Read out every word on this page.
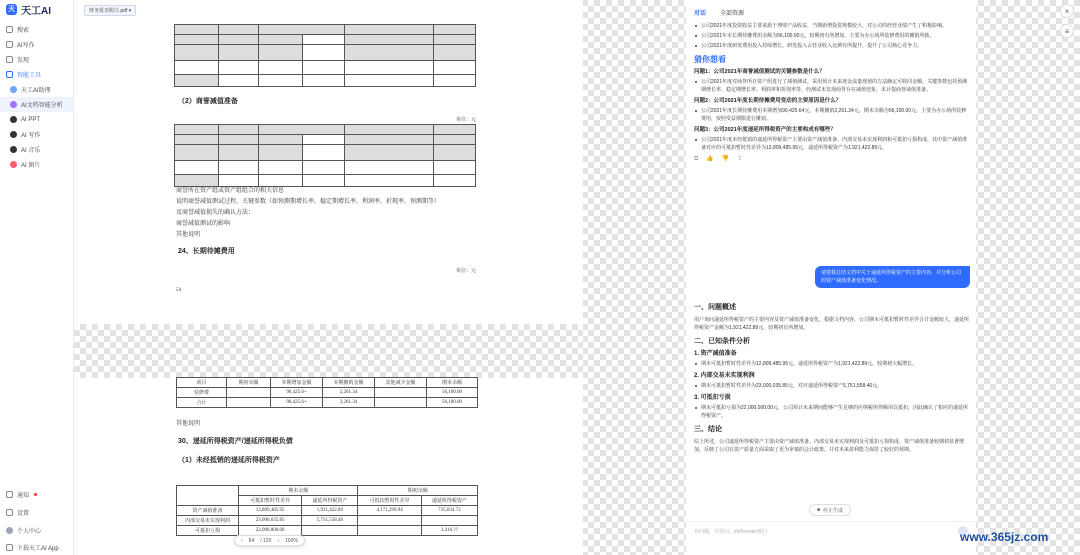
天 天工AI
搜索
AI写作
发现
智能工具
天工AI助理
AI文档智能分析
AI PPT
AI 写作
AI 音乐
AI 图片
通知
设置
个人中心
下载天工AI App
财务报表附注.pdf ▾

（2）商誉减值准备
单位：元

商誉所在资产组或资产组组合的相关信息
说明商誉减值测试过程、关键参数（如预测期增长率、稳定期增长率、利润率、折现率、预测期等）
及商誉减值损失的确认方法：
商誉减值测试的影响
其他说明
24、长期待摊费用
单位：元
54
项目	期初余额	本期增加金额	本期摊销金额	其他减少金额	期末余额
装修费		90,425.6+	2,261.34		56,100.00
合计		90,425.6+	2,261.34		56,100.00
其他说明
30、递延所得税资产/递延所得税负债
（1）未经抵销的递延所得税资产
	期末余额		期初余额	
	可抵扣暂时性差异	递延所得税资产	可抵扣暂时性差异	递延所得税资产
资产减值准备	12,809,485.95	1,921,422.89	4,171,299.94	735,034.72
内部交易未实现利润	23,000,035.85	5,751,558.46		
可抵扣亏损	22,000,000.00			3,416.??
‹ 54 / 120 › 100%
对话 全部资源
公司2021年度投资收益主要来源于理财产品收益，当期新增投资规模较大，对公司的经营业绩产生了积极影响。
公司2021年末长期待摊费用余额为56,100.00元，较期初有所增加，主要为办公场所装修费用的摊销所致。
公司2021年度研发费用投入持续增长，研发投入占营业收入比例有所提升，提升了公司核心竞争力。
猜你想看
问题1：公司2021年商誉减值测试的关键参数是什么？
公司2021年度对商誉所在资产组进行了减值测试，采用预计未来现金流量现值的方法确定可收回金额，关键参数包括预测期增长率、稳定期增长率、利润率和折现率等，经测试未发现商誉存在减值迹象，未计提商誉减值准备。
问题2：公司2021年度长期待摊费用变动的主要原因是什么？
公司2021年度长期待摊费用本期增加90,425.64元，本期摊销2,261.34元，期末余额为56,100.00元，主要为办公场所装修费用，按照受益期限进行摊销。
问题3：公司2021年度递延所得税资产的主要构成有哪些？
公司2021年度未经抵销的递延所得税资产主要由资产减值准备、内部交易未实现利润和可抵扣亏损构成，其中资产减值准备对应的可抵扣暂时性差异为12,809,485.95元，递延所得税资产为1,921,422.89元。
⧉ 👍 👎 ⇪
请帮我总结文档中关于递延所得税资产的主要内容，并分析公司的资产减值准备变化情况。
一、问题概述
用户询问递延所得税资产的主要内容及资产减值准备变化，根据文档内容，公司期末可抵扣暂时性差异合计金额较大，递延所得税资产金额为1,921,422.89元，较期初有所增加。
二、已知条件分析
1. 资产减值准备
期末可抵扣暂时性差异为12,809,485.95元，递延所得税资产为1,921,422.89元，较期初大幅增长。
2. 内部交易未实现利润
期末可抵扣暂时性差异为23,000,035.85元，对应递延所得税资产5,751,558.46元。
3. 可抵扣亏损
期末可抵扣亏损为22,000,000.00元，公司预计未来期间能够产生足够的应纳税所得额用以抵扣，因此确认了相应的递延所得税资产。
三、结论
综上所述，公司递延所得税资产主要由资产减值准备、内部交易未实现利润及可抵扣亏损构成，资产减值准备较期初显著增加，反映了公司在资产质量方面采取了更为审慎的会计政策，并对未来盈利能力保持了较好的预期。
■ 停止生成
有问题，尽管问，shift+enter换行
×
≡
www.365jz.com
